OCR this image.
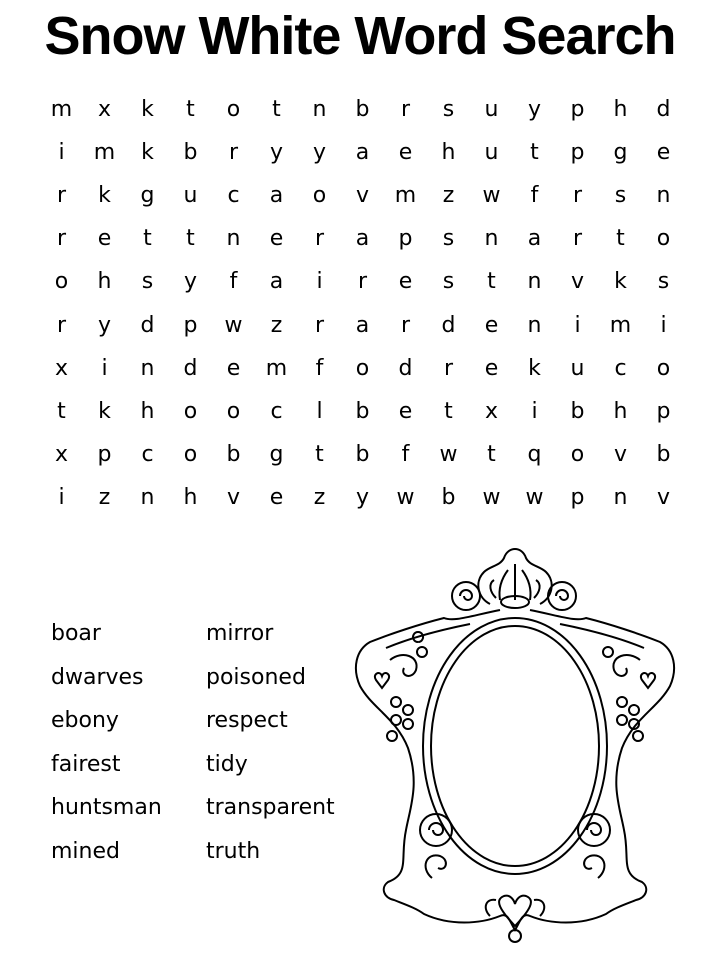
Snow White Word Search
m	x	k	t	o	t	n	b	r	s	u	y	p	h	d
i	m	k	b	r	y	y	a	e	h	u	t	p	g	e
r	k	g	u	c	a	o	v	m	z	w	f	r	s	n
r	e	t	t	n	e	r	a	p	s	n	a	r	t	o
o	h	s	y	f	a	i	r	e	s	t	n	v	k	s
r	y	d	p	w	z	r	a	r	d	e	n	i	m	i
x	i	n	d	e	m	f	o	d	r	e	k	u	c	o
t	k	h	o	o	c	l	b	e	t	x	i	b	h	p
x	p	c	o	b	g	t	b	f	w	t	q	o	v	b
i	z	n	h	v	e	z	y	w	b	w	w	p	n	v
boar
dwarves
ebony
fairest
huntsman
mined
mirror
poisoned
respect
tidy
transparent
truth
